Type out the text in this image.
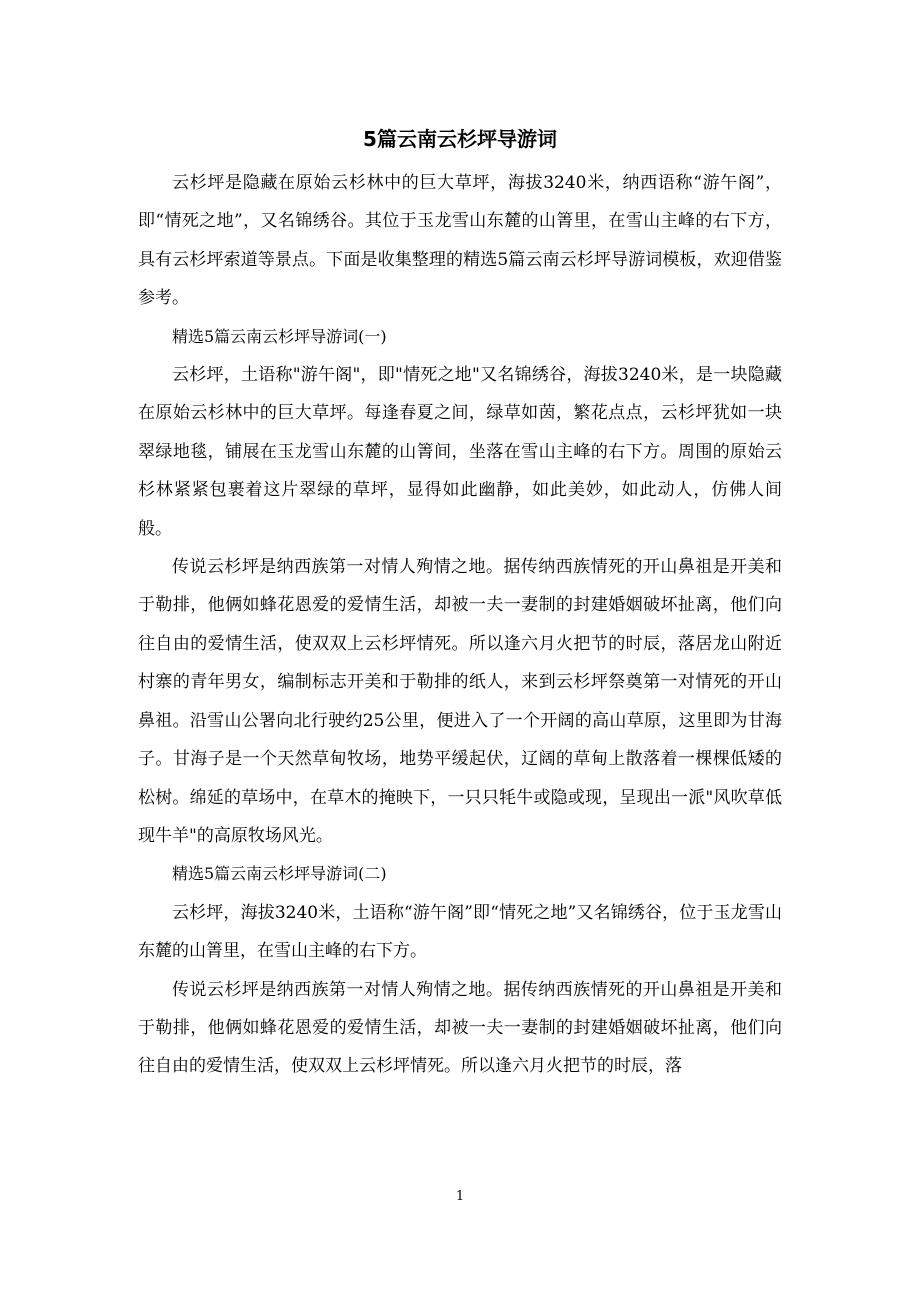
5篇云南云杉坪导游词

云杉坪是隐藏在原始云杉林中的巨大草坪，海拔3240米，纳西语称“游午阁”，即“情死之地”，又名锦绣谷。其位于玉龙雪山东麓的山箐里，在雪山主峰的右下方，具有云杉坪索道等景点。下面是收集整理的精选5篇云南云杉坪导游词模板，欢迎借鉴参考。

精选5篇云南云杉坪导游词(一)

云杉坪，土语称"游午阁"，即"情死之地"又名锦绣谷，海拔3240米，是一块隐藏在原始云杉林中的巨大草坪。每逢春夏之间，绿草如茵，繁花点点，云杉坪犹如一块翠绿地毯，铺展在玉龙雪山东麓的山箐间，坐落在雪山主峰的右下方。周围的原始云杉林紧紧包裹着这片翠绿的草坪，显得如此幽静，如此美妙，如此动人，仿佛人间般。

传说云杉坪是纳西族第一对情人殉情之地。据传纳西族情死的开山鼻祖是开美和于勒排，他俩如蜂花恩爱的爱情生活，却被一夫一妻制的封建婚姻破坏扯离，他们向往自由的爱情生活，使双双上云杉坪情死。所以逢六月火把节的时辰，落居龙山附近村寨的青年男女，编制标志开美和于勒排的纸人，来到云杉坪祭奠第一对情死的开山鼻祖。沿雪山公署向北行驶约25公里，便进入了一个开阔的高山草原，这里即为甘海子。甘海子是一个天然草甸牧场，地势平缓起伏，辽阔的草甸上散落着一棵棵低矮的松树。绵延的草场中，在草木的掩映下，一只只牦牛或隐或现，呈现出一派"风吹草低现牛羊"的高原牧场风光。

精选5篇云南云杉坪导游词(二)

云杉坪，海拔3240米，土语称“游午阁”即“情死之地”又名锦绣谷，位于玉龙雪山东麓的山箐里，在雪山主峰的右下方。

传说云杉坪是纳西族第一对情人殉情之地。据传纳西族情死的开山鼻祖是开美和于勒排，他俩如蜂花恩爱的爱情生活，却被一夫一妻制的封建婚姻破坏扯离，他们向往自由的爱情生活，使双双上云杉坪情死。所以逢六月火把节的时辰，落

1
